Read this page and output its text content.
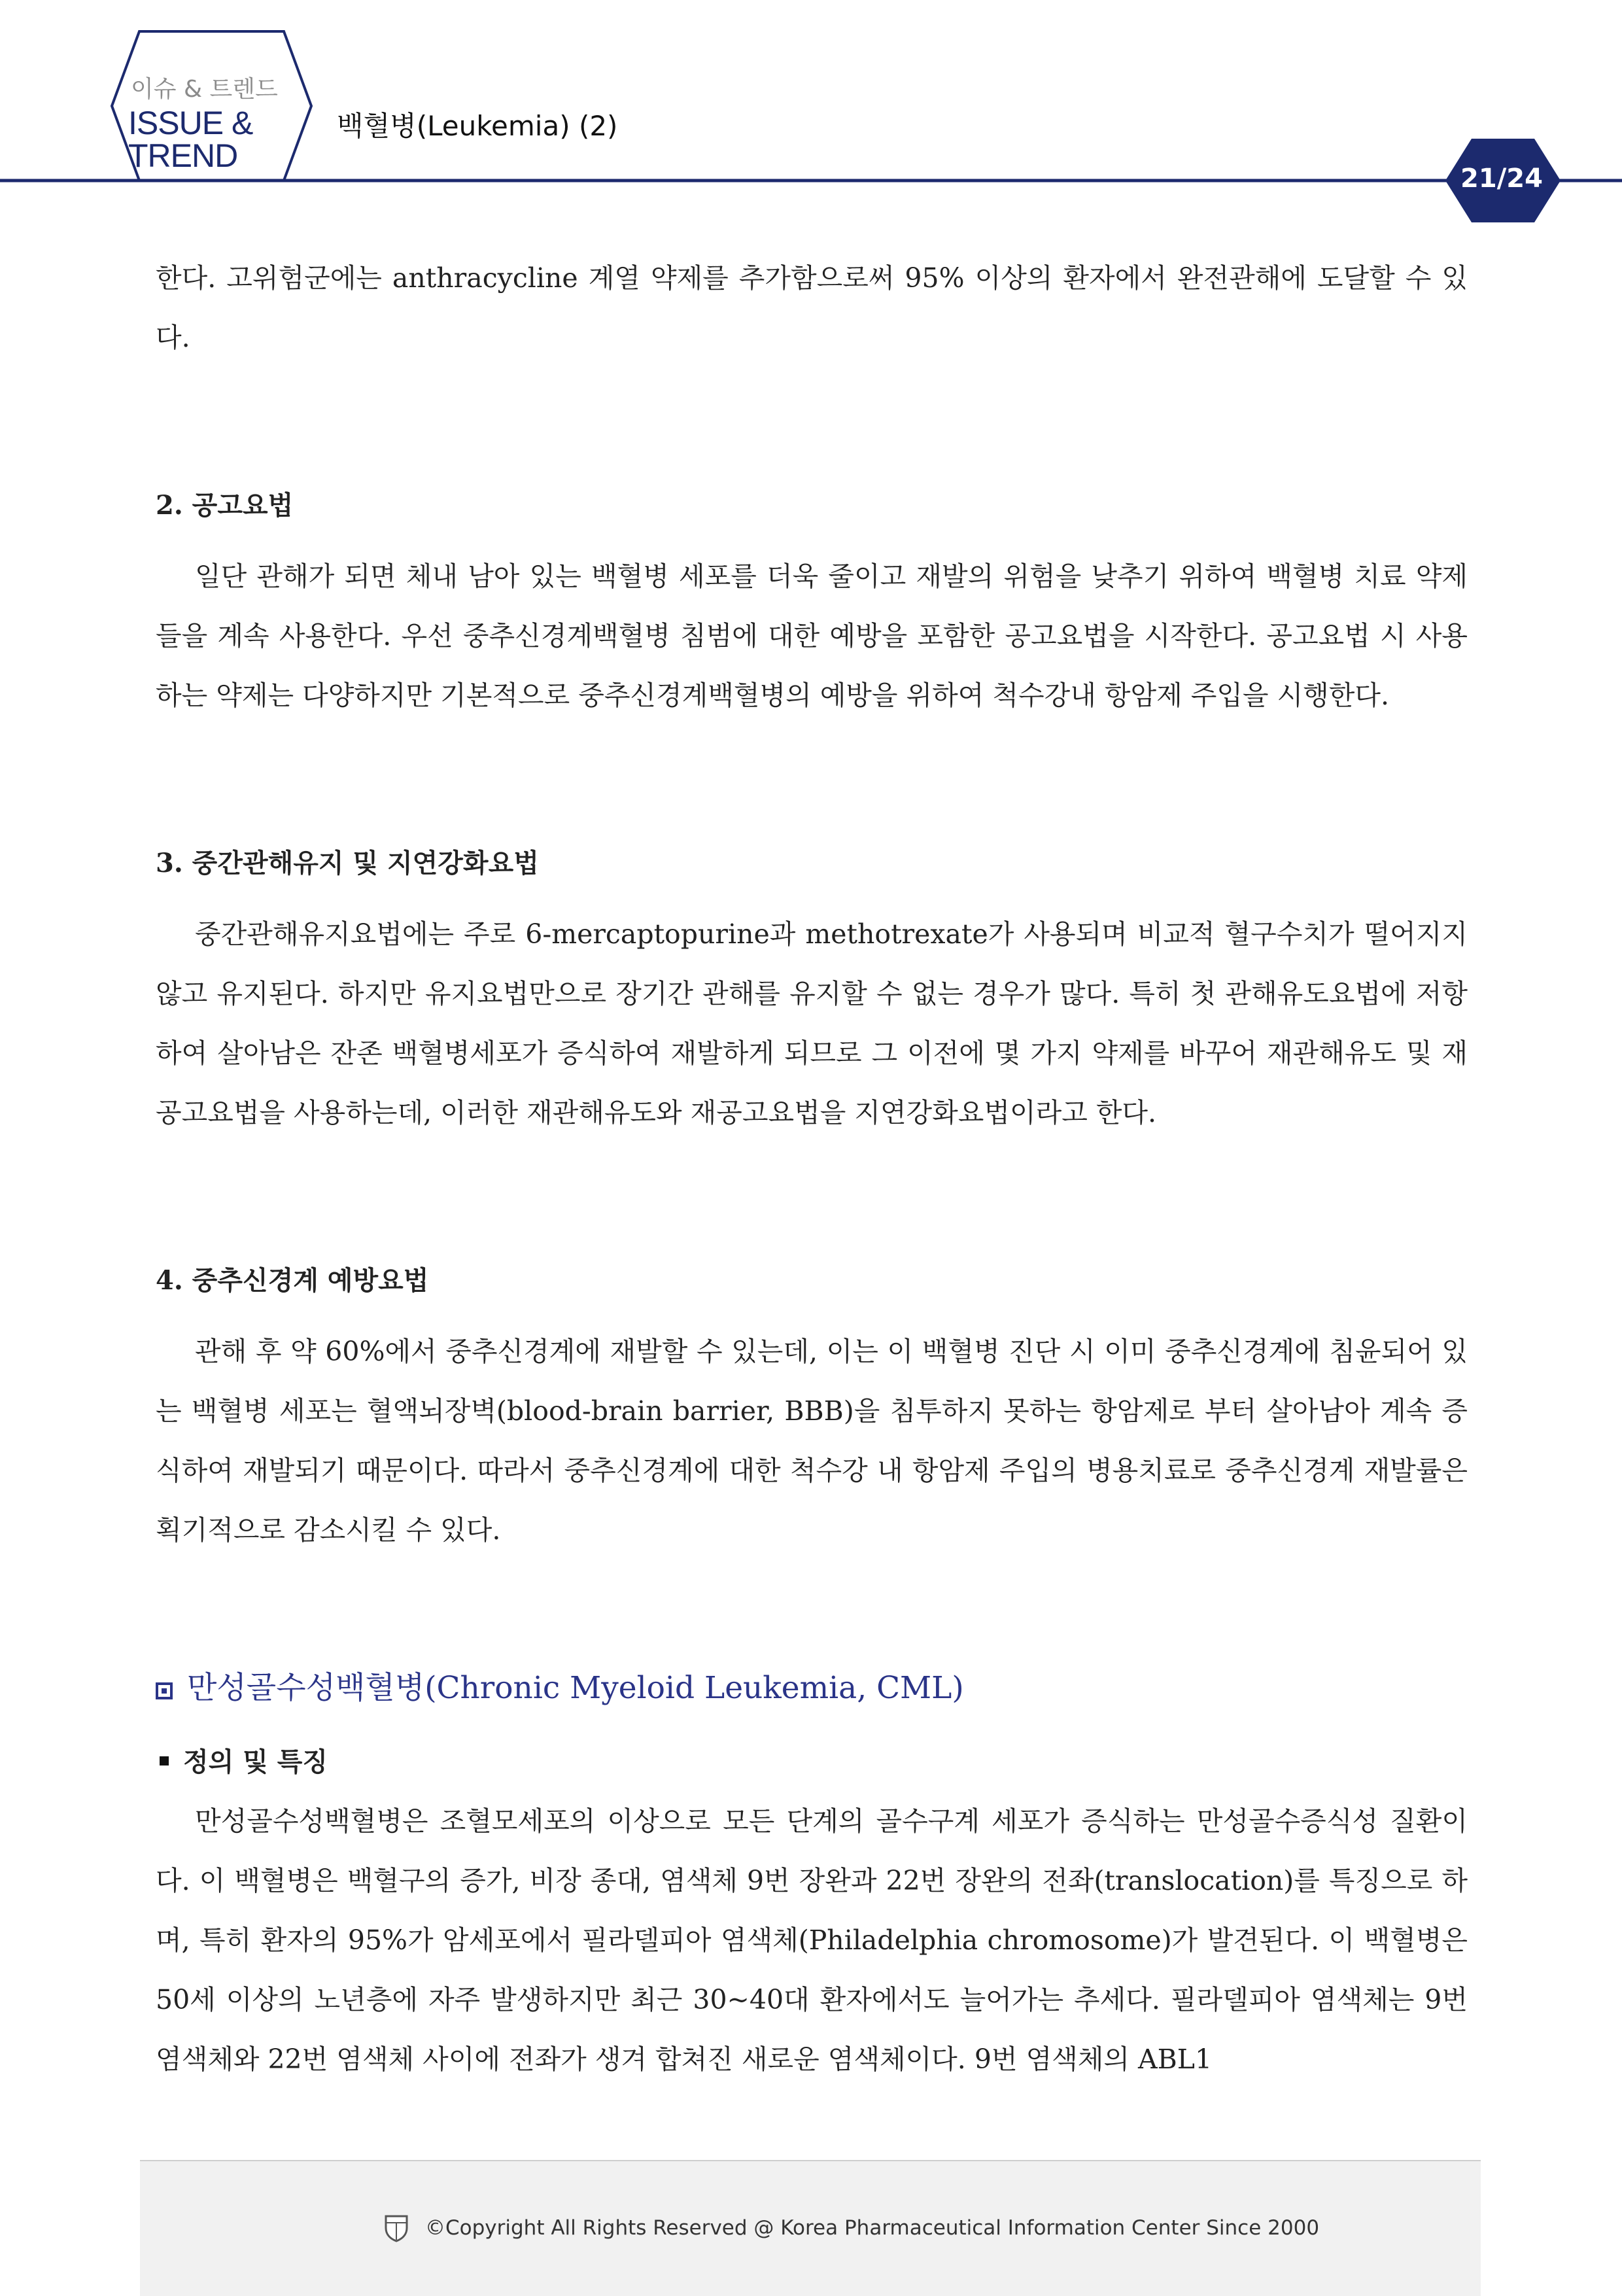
이슈 & 트렌드
ISSUE &
TREND
백혈병(Leukemia) (2)
21/24

한다. 고위험군에는 anthracycline 계열 약제를 추가함으로써 95% 이상의 환자에서 완전관해에 도달할 수 있다.

2. 공고요법

일단 관해가 되면 체내 남아 있는 백혈병 세포를 더욱 줄이고 재발의 위험을 낮추기 위하여 백혈병 치료 약제들을 계속 사용한다. 우선 중추신경계백혈병 침범에 대한 예방을 포함한 공고요법을 시작한다. 공고요법 시 사용하는 약제는 다양하지만 기본적으로 중추신경계백혈병의 예방을 위하여 척수강내 항암제 주입을 시행한다.

3. 중간관해유지 및 지연강화요법

중간관해유지요법에는 주로 6-mercaptopurine과 methotrexate가 사용되며 비교적 혈구수치가 떨어지지 않고 유지된다. 하지만 유지요법만으로 장기간 관해를 유지할 수 없는 경우가 많다. 특히 첫 관해유도요법에 저항하여 살아남은 잔존 백혈병세포가 증식하여 재발하게 되므로 그 이전에 몇 가지 약제를 바꾸어 재관해유도 및 재공고요법을 사용하는데, 이러한 재관해유도와 재공고요법을 지연강화요법이라고 한다.

4. 중추신경계 예방요법

관해 후 약 60%에서 중추신경계에 재발할 수 있는데, 이는 이 백혈병 진단 시 이미 중추신경계에 침윤되어 있는 백혈병 세포는 혈액뇌장벽(blood-brain barrier, BBB)을 침투하지 못하는 항암제로 부터 살아남아 계속 증식하여 재발되기 때문이다. 따라서 중추신경계에 대한 척수강 내 항암제 주입의 병용치료로 중추신경계 재발률은 획기적으로 감소시킬 수 있다.

만성골수성백혈병(Chronic Myeloid Leukemia, CML)
정의 및 특징

만성골수성백혈병은 조혈모세포의 이상으로 모든 단계의 골수구계 세포가 증식하는 만성골수증식성 질환이다. 이 백혈병은 백혈구의 증가, 비장 종대, 염색체 9번 장완과 22번 장완의 전좌(translocation)를 특징으로 하며, 특히 환자의 95%가 암세포에서 필라델피아 염색체(Philadelphia chromosome)가 발견된다. 이 백혈병은 50세 이상의 노년층에 자주 발생하지만 최근 30~40대 환자에서도 늘어가는 추세다. 필라델피아 염색체는 9번 염색체와 22번 염색체 사이에 전좌가 생겨 합쳐진 새로운 염색체이다. 9번 염색체의 ABL1

©Copyright All Rights Reserved @ Korea Pharmaceutical Information Center Since 2000
